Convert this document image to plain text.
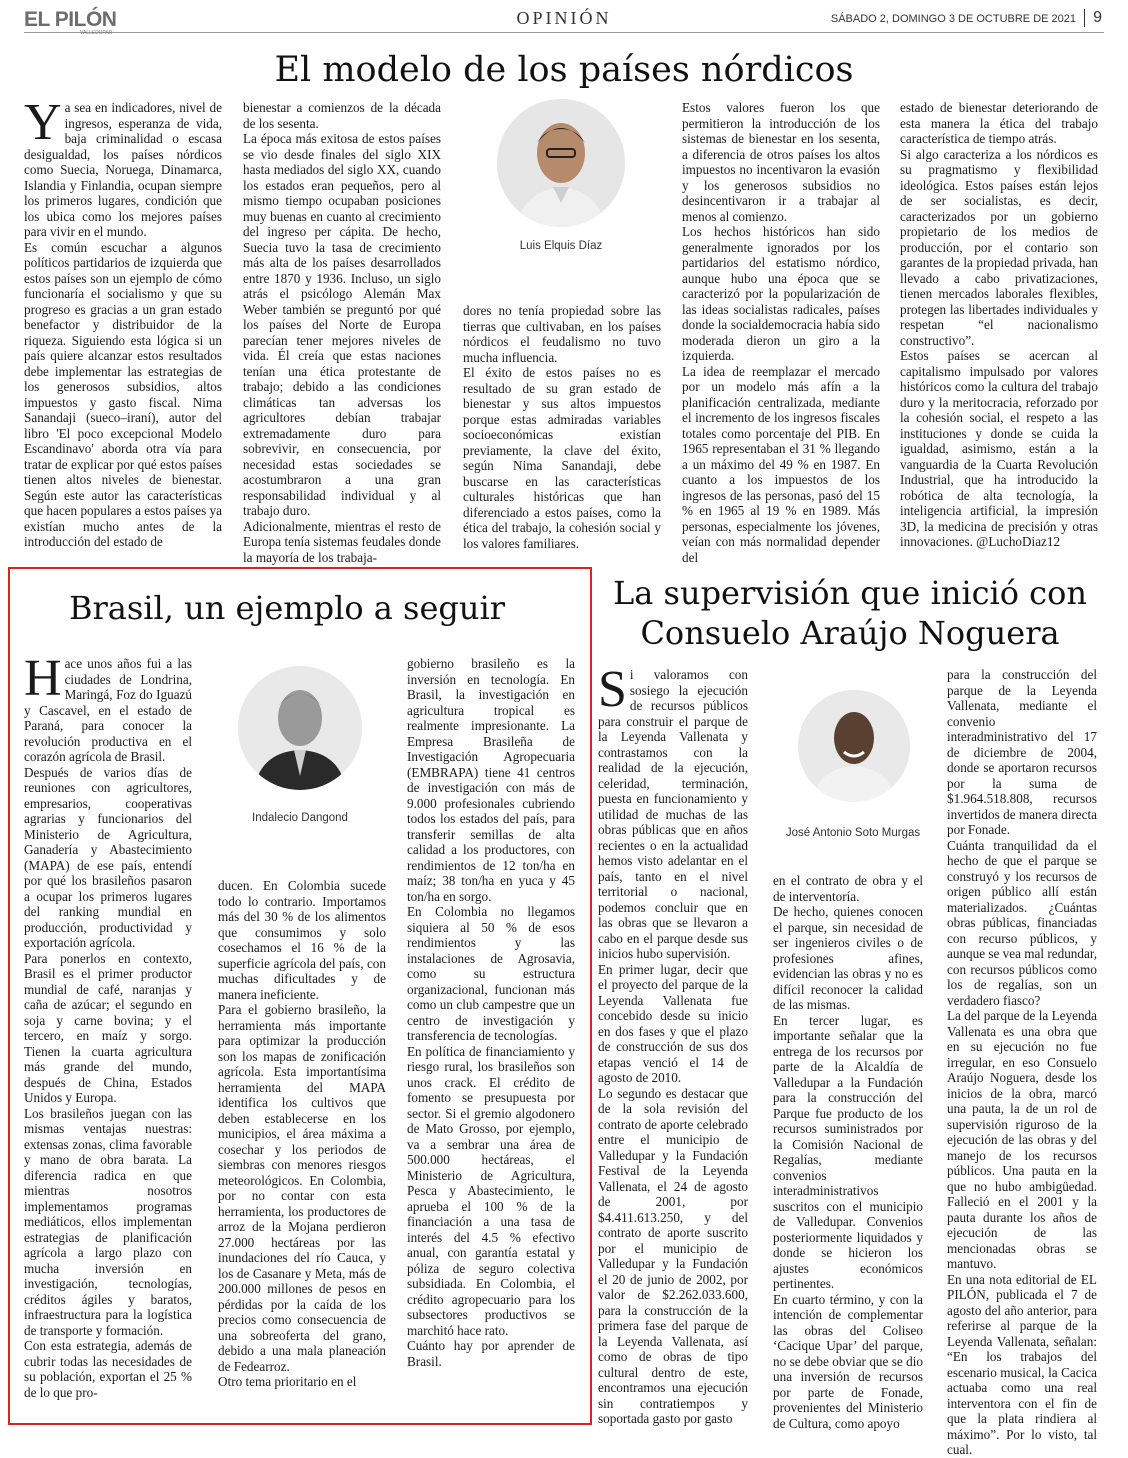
EL PILÓN
VALLEDUPAR
OPINIÓN	SÁBADO 2, DOMINGO 3 DE OCTUBRE DE 2021	9
El modelo de los países nórdicos

Ya sea en indicadores, nivel de ingresos, esperanza de vida, baja criminalidad o escasa desigualdad, los países nórdicos como Suecia, Noruega, Dinamarca, Islandia y Finlandia, ocupan siempre los primeros lugares, condición que los ubica como los mejores países para vivir en el mundo.

Es común escuchar a algunos políticos partidarios de izquierda que estos países son un ejemplo de cómo funcionaría el socialismo y que su progreso es gracias a un gran estado benefactor y distribuidor de la riqueza. Siguiendo esta lógica si un país quiere alcanzar estos resultados debe implementar las estrategias de los generosos subsidios, altos impuestos y gasto fiscal. Nima Sanandaji (sueco–iraní), autor del libro 'El poco excepcional Modelo Escandinavo' aborda otra vía para tratar de explicar por qué estos países tienen altos niveles de bienestar. Según este autor las características que hacen populares a estos países ya existían mucho antes de la introducción del estado de

bienestar a comienzos de la década de los sesenta.

La época más exitosa de estos países se vio desde finales del siglo XIX hasta mediados del siglo XX, cuando los estados eran pequeños, pero al mismo tiempo ocupaban posiciones muy buenas en cuanto al crecimiento del ingreso per cápita. De hecho, Suecia tuvo la tasa de crecimiento más alta de los países desarrollados entre 1870 y 1936. Incluso, un siglo atrás el psicólogo Alemán Max Weber también se preguntó por qué los países del Norte de Europa parecían tener mejores niveles de vida. Él creía que estas naciones tenían una ética protestante de trabajo; debido a las condiciones climáticas tan adversas los agricultores debían trabajar extremadamente duro para sobrevivir, en consecuencia, por necesidad estas sociedades se acostumbraron a una gran responsabilidad individual y al trabajo duro.

Adicionalmente, mientras el resto de Europa tenía sistemas feudales donde la mayoría de los trabaja-

Luis Elquis Díaz

dores no tenía propiedad sobre las tierras que cultivaban, en los países nórdicos el feudalismo no tuvo mucha influencia.

El éxito de estos países no es resultado de su gran estado de bienestar y sus altos impuestos porque estas admiradas variables socioeconómicas existían previamente, la clave del éxito, según Nima Sanandaji, debe buscarse en las características culturales históricas que han diferenciado a estos países, como la ética del trabajo, la cohesión social y los valores familiares.

Estos valores fueron los que permitieron la introducción de los sistemas de bienestar en los sesenta, a diferencia de otros países los altos impuestos no incentivaron la evasión y los generosos subsidios no desincentivaron ir a trabajar al menos al comienzo.

Los hechos históricos han sido generalmente ignorados por los partidarios del estatismo nórdico, aunque hubo una época que se caracterizó por la popularización de las ideas socialistas radicales, países donde la socialdemocracia había sido moderada dieron un giro a la izquierda.

La idea de reemplazar el mercado por un modelo más afín a la planificación centralizada, mediante el incremento de los ingresos fiscales totales como porcentaje del PIB. En 1965 representaban el 31 % llegando a un máximo del 49 % en 1987. En cuanto a los impuestos de los ingresos de las personas, pasó del 15 % en 1965 al 19 % en 1989. Más personas, especialmente los jóvenes, veían con más normalidad depender del

estado de bienestar deteriorando de esta manera la ética del trabajo característica de tiempo atrás.

Si algo caracteriza a los nórdicos es su pragmatismo y flexibilidad ideológica. Estos países están lejos de ser socialistas, es decir, caracterizados por un gobierno propietario de los medios de producción, por el contario son garantes de la propiedad privada, han llevado a cabo privatizaciones, tienen mercados laborales flexibles, protegen las libertades individuales y respetan “el nacionalismo constructivo”.

Estos países se acercan al capitalismo impulsado por valores históricos como la cultura del trabajo duro y la meritocracia, reforzado por la cohesión social, el respeto a las instituciones y donde se cuida la igualdad, asimismo, están a la vanguardia de la Cuarta Revolución Industrial, que ha introducido la robótica de alta tecnología, la inteligencia artificial, la impresión 3D, la medicina de precisión y otras innovaciones. @LuchoDiaz12

Brasil, un ejemplo a seguir

Hace unos años fui a las ciudades de Londrina, Maringá, Foz do Iguazú y Cascavel, en el estado de Paraná, para conocer la revolución productiva en el corazón agrícola de Brasil.

Después de varios días de reuniones con agricultores, empresarios, cooperativas agrarias y funcionarios del Ministerio de Agricultura, Ganadería y Abastecimiento (MAPA) de ese país, entendí por qué los brasileños pasaron a ocupar los primeros lugares del ranking mundial en producción, productividad y exportación agrícola.

Para ponerlos en contexto, Brasil es el primer productor mundial de café, naranjas y caña de azúcar; el segundo en soja y carne bovina; y el tercero, en maíz y sorgo. Tienen la cuarta agricultura más grande del mundo, después de China, Estados Unidos y Europa.

Los brasileños juegan con las mismas ventajas nuestras: extensas zonas, clima favorable y mano de obra barata. La diferencia radica en que mientras nosotros implementamos programas mediáticos, ellos implementan estrategias de planificación agrícola a largo plazo con mucha inversión en investigación, tecnologías, créditos ágiles y baratos, infraestructura para la logística de transporte y formación.

Con esta estrategia, además de cubrir todas las necesidades de su población, exportan el 25 % de lo que pro-

Indalecio Dangond

ducen. En Colombia sucede todo lo contrario. Importamos más del 30 % de los alimentos que consumimos y solo cosechamos el 16 % de la superficie agrícola del país, con muchas dificultades y de manera ineficiente.

Para el gobierno brasileño, la herramienta más importante para optimizar la producción son los mapas de zonificación agrícola. Esta importantísima herramienta del MAPA identifica los cultivos que deben establecerse en los municipios, el área máxima a cosechar y los periodos de siembras con menores riesgos meteorológicos. En Colombia, por no contar con esta herramienta, los productores de arroz de la Mojana perdieron 27.000 hectáreas por las inundaciones del río Cauca, y los de Casanare y Meta, más de 200.000 millones de pesos en pérdidas por la caída de los precios como consecuencia de una sobreoferta del grano, debido a una mala planeación de Fedearroz.

Otro tema prioritario en el

gobierno brasileño es la inversión en tecnología. En Brasil, la investigación en agricultura tropical es realmente impresionante. La Empresa Brasileña de Investigación Agropecuaria (EMBRAPA) tiene 41 centros de investigación con más de 9.000 profesionales cubriendo todos los estados del país, para transferir semillas de alta calidad a los productores, con rendimientos de 12 ton/ha en maíz; 38 ton/ha en yuca y 45 ton/ha en sorgo.

En Colombia no llegamos siquiera al 50 % de esos rendimientos y las instalaciones de Agrosavia, como su estructura organizacional, funcionan más como un club campestre que un centro de investigación y transferencia de tecnologías.

En política de financiamiento y riesgo rural, los brasileños son unos crack. El crédito de fomento se presupuesta por sector. Si el gremio algodonero de Mato Grosso, por ejemplo, va a sembrar una área de 500.000 hectáreas, el Ministerio de Agricultura, Pesca y Abastecimiento, le aprueba el 100 % de la financiación a una tasa de interés del 4.5 % efectivo anual, con garantía estatal y póliza de seguro colectiva subsidiada. En Colombia, el crédito agropecuario para los subsectores productivos se marchitó hace rato.

Cuánto hay por aprender de Brasil.

La supervisión que inició con Consuelo Araújo Noguera

Si valoramos con sosiego la ejecución de recursos públicos para construir el parque de la Leyenda Vallenata y contrastamos con la realidad de la ejecución, celeridad, terminación, puesta en funcionamiento y utilidad de muchas de las obras públicas que en años recientes o en la actualidad hemos visto adelantar en el país, tanto en el nivel territorial o nacional, podemos concluir que en las obras que se llevaron a cabo en el parque desde sus inicios hubo supervisión.

En primer lugar, decir que el proyecto del parque de la Leyenda Vallenata fue concebido desde su inicio en dos fases y que el plazo de construcción de sus dos etapas venció el 14 de agosto de 2010.

Lo segundo es destacar que de la sola revisión del contrato de aporte celebrado entre el municipio de Valledupar y la Fundación Festival de la Leyenda Vallenata, el 24 de agosto de 2001, por $4.411.613.250, y del contrato de aporte suscrito por el municipio de Valledupar y la Fundación el 20 de junio de 2002, por valor de $2.262.033.600, para la construcción de la primera fase del parque de la Leyenda Vallenata, así como de obras de tipo cultural dentro de este, encontramos una ejecución sin contratiempos y soportada gasto por gasto

José Antonio Soto Murgas

en el contrato de obra y el de interventoría.

De hecho, quienes conocen el parque, sin necesidad de ser ingenieros civiles o de profesiones afines, evidencian las obras y no es difícil reconocer la calidad de las mismas.

En tercer lugar, es importante señalar que la entrega de los recursos por parte de la Alcaldía de Valledupar a la Fundación para la construcción del Parque fue producto de los recursos suministrados por la Comisión Nacional de Regalías, mediante convenios interadministrativos suscritos con el municipio de Valledupar. Convenios posteriormente liquidados y donde se hicieron los ajustes económicos pertinentes.

En cuarto término, y con la intención de complementar las obras del Coliseo ‘Cacique Upar’ del parque, no se debe obviar que se dio una inversión de recursos por parte de Fonade, provenientes del Ministerio de Cultura, como apoyo

para la construcción del parque de la Leyenda Vallenata, mediante el convenio interadministrativo del 17 de diciembre de 2004, donde se aportaron recursos por la suma de $1.964.518.808, recursos invertidos de manera directa por Fonade.

Cuánta tranquilidad da el hecho de que el parque se construyó y los recursos de origen público allí están materializados. ¿Cuántas obras públicas, financiadas con recurso públicos, y aunque se vea mal redundar, con recursos públicos como los de regalías, son un verdadero fiasco?

La del parque de la Leyenda Vallenata es una obra que en su ejecución no fue irregular, en eso Consuelo Araújo Noguera, desde los inicios de la obra, marcó una pauta, la de un rol de supervisión riguroso de la ejecución de las obras y del manejo de los recursos públicos. Una pauta en la que no hubo ambigüedad. Falleció en el 2001 y la pauta durante los años de ejecución de las mencionadas obras se mantuvo.

En una nota editorial de EL PILÓN, publicada el 7 de agosto del año anterior, para referirse al parque de la Leyenda Vallenata, señalan: “En los trabajos del escenario musical, la Cacica actuaba como una real interventora con el fin de que la plata rindiera al máximo”. Por lo visto, tal cual.
